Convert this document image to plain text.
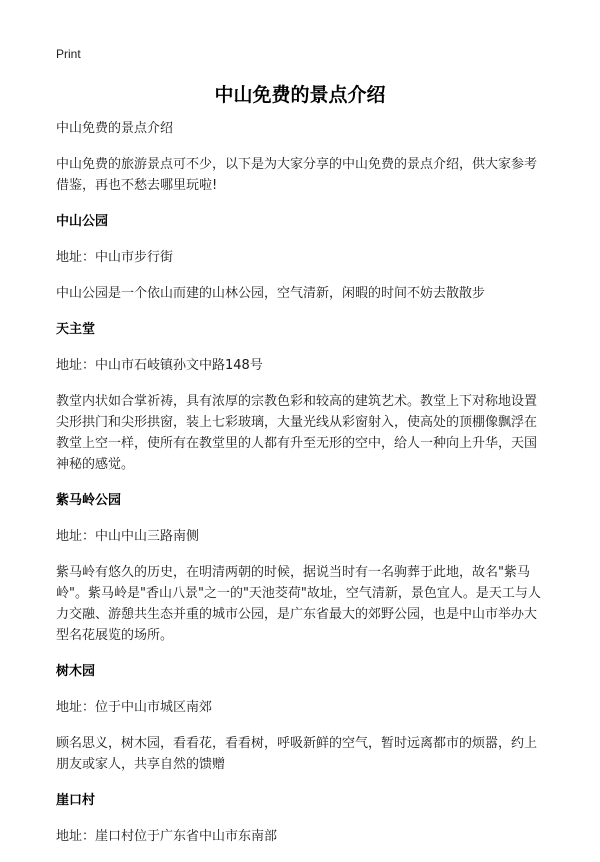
Print
中山免费的景点介绍

中山免费的景点介绍

中山免费的旅游景点可不少，以下是为大家分享的中山免费的景点介绍，供大家参考借鉴，再也不愁去哪里玩啦!

中山公园

地址：中山市步行街

中山公园是一个依山而建的山林公园，空气清新，闲暇的时间不妨去散散步

天主堂

地址：中山市石岐镇孙文中路148号

教堂内状如合掌祈祷，具有浓厚的宗教色彩和较高的建筑艺术。教堂上下对称地设置尖形拱门和尖形拱窗，装上七彩玻璃，大量光线从彩窗射入，使高处的顶棚像飘浮在教堂上空一样，使所有在教堂里的人都有升至无形的空中，给人一种向上升华，天国神秘的感觉。

紫马岭公园

地址：中山中山三路南侧

紫马岭有悠久的历史，在明清两朝的时候，据说当时有一名驹葬于此地，故名"紫马岭"。紫马岭是"香山八景"之一的"天池茭荷"故址，空气清新，景色宜人。是天工与人力交融、游憩共生态并重的城市公园，是广东省最大的郊野公园，也是中山市举办大型名花展览的场所。

树木园

地址：位于中山市城区南郊

顾名思义，树木园，看看花，看看树，呼吸新鲜的空气，暂时远离都市的烦嚣，约上朋友或家人，共享自然的馈赠

崖口村

地址：崖口村位于广东省中山市东南部
